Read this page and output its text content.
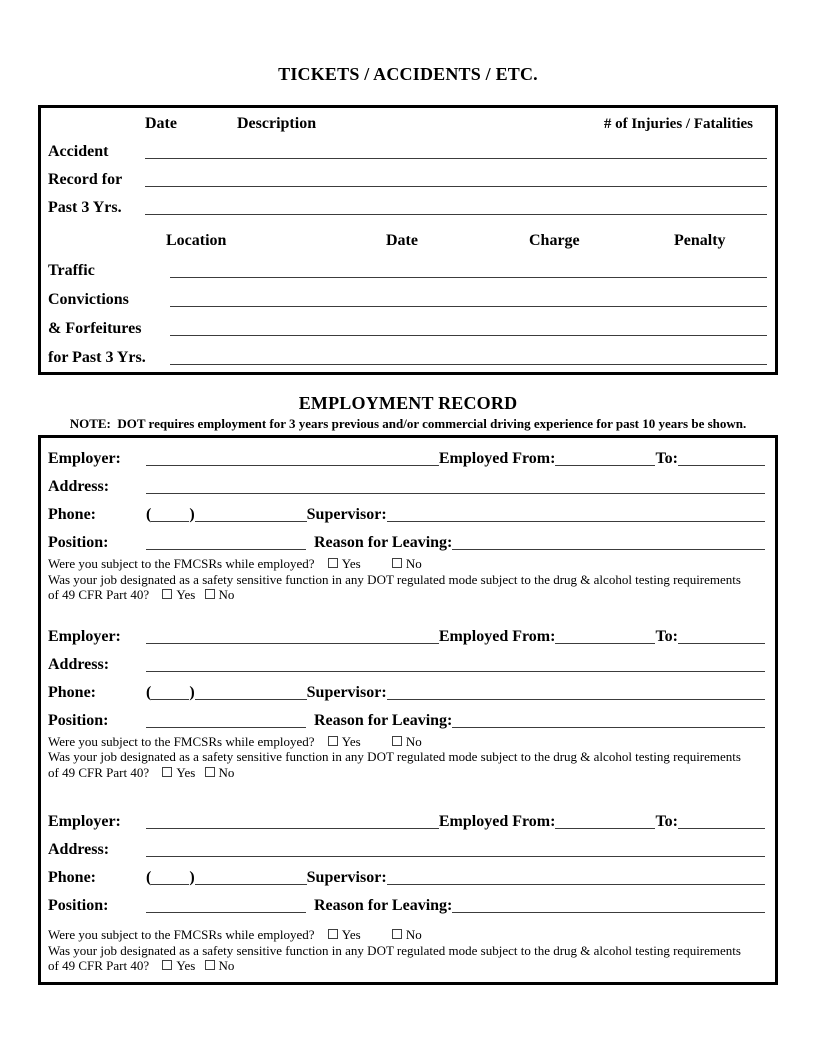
TICKETS / ACCIDENTS / ETC.
Date	Description	# of Injuries / Fatalities
Accident
Record for
Past 3 Yrs.
Location	Date	Charge	Penalty
Traffic
Convictions
& Forfeitures
for Past 3 Yrs.
EMPLOYMENT RECORD
NOTE:  DOT requires employment for 3 years previous and/or commercial driving experience for past 10 years be shown.
Employer:	Employed From:	To:
Address:
Phone:	( )	Supervisor:
Position:	Reason for Leaving:
Were you subject to the FMCSRs while employed? Yes	No
Was your job designated as a safety sensitive function in any DOT regulated mode subject to the drug & alcohol testing requirements
of 49 CFR Part 40? Yes No
Employer:	Employed From:	To:
Address:
Phone:	( )	Supervisor:
Position:	Reason for Leaving:
Were you subject to the FMCSRs while employed? Yes	No
Was your job designated as a safety sensitive function in any DOT regulated mode subject to the drug & alcohol testing requirements
of 49 CFR Part 40? Yes No
Employer:	Employed From:	To:
Address:
Phone:	( )	Supervisor:
Position:	Reason for Leaving:
Were you subject to the FMCSRs while employed? Yes	No
Was your job designated as a safety sensitive function in any DOT regulated mode subject to the drug & alcohol testing requirements
of 49 CFR Part 40? Yes No
